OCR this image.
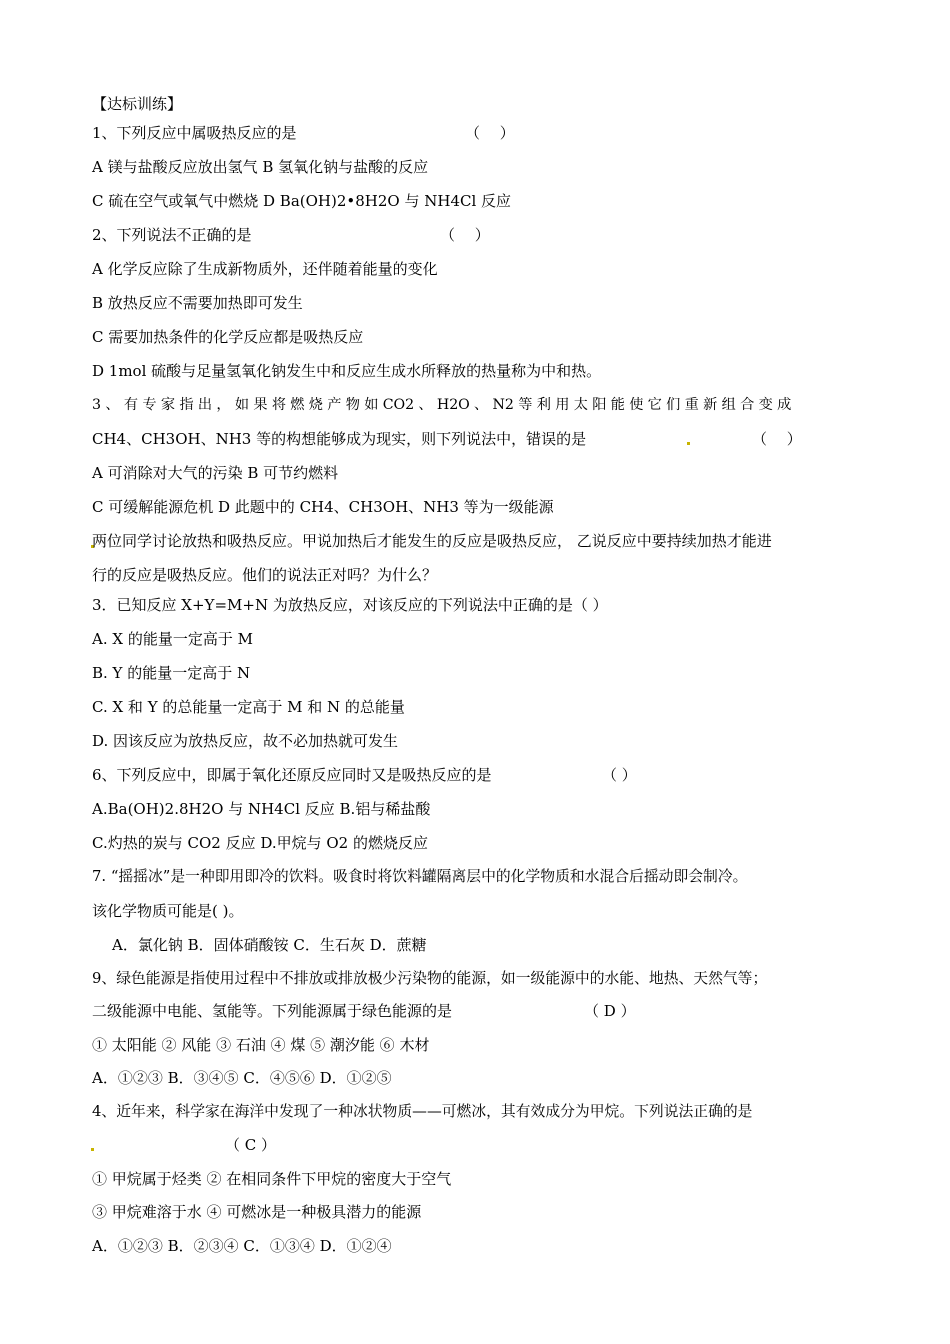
【达标训练】
1、下列反应中属吸热反应的是	（　 ）
A 镁与盐酸反应放出氢气 B 氢氧化钠与盐酸的反应
C 硫在空气或氧气中燃烧 D Ba(OH)2•8H2O 与 NH4Cl 反应
2、下列说法不正确的是	（　 ）
A 化学反应除了生成新物质外，还伴随着能量的变化
B 放热反应不需要加热即可发生
C 需要加热条件的化学反应都是吸热反应
D 1mol 硫酸与足量氢氧化钠发生中和反应生成水所释放的热量称为中和热。
3 、 有 专 家 指 出 ， 如 果 将 燃 烧 产 物 如 CO2 、 H2O 、 N2 等 利 用 太 阳 能 使 它 们 重 新 组 合 变 成
CH4、CH3OH、NH3 等的构想能够成为现实，则下列说法中，错误的是	（　 ）
A 可消除对大气的污染 B 可节约燃料
C 可缓解能源危机 D 此题中的 CH4、CH3OH、NH3 等为一级能源
两位同学讨论放热和吸热反应。甲说加热后才能发生的反应是吸热反应， 乙说反应中要持续加热才能进
行的反应是吸热反应。他们的说法正对吗？为什么？
3．已知反应 X+Y=M+N 为放热反应，对该反应的下列说法中正确的是（ ）
A. X 的能量一定高于 M
B. Y 的能量一定高于 N
C. X 和 Y 的总能量一定高于 M 和 N 的总能量
D. 因该反应为放热反应，故不必加热就可发生
6、下列反应中，即属于氧化还原反应同时又是吸热反应的是	（ ）
A.Ba(OH)2.8H2O 与 NH4Cl 反应 B.铝与稀盐酸
C.灼热的炭与 CO2 反应 D.甲烷与 O2 的燃烧反应
7. “摇摇冰”是一种即用即冷的饮料。吸食时将饮料罐隔离层中的化学物质和水混合后摇动即会制冷。
该化学物质可能是( )。
A．氯化钠 B．固体硝酸铵 C．生石灰 D．蔗糖
9、绿色能源是指使用过程中不排放或排放极少污染物的能源，如一级能源中的水能、地热、天然气等；
二级能源中电能、氢能等。下列能源属于绿色能源的是	（ D ）
① 太阳能 ② 风能 ③ 石油 ④ 煤 ⑤ 潮汐能 ⑥ 木材
A．①②③ B．③④⑤ C．④⑤⑥ D．①②⑤
4、近年来，科学家在海洋中发现了一种冰状物质——可燃冰，其有效成分为甲烷。下列说法正确的是
（ C ）
① 甲烷属于烃类 ② 在相同条件下甲烷的密度大于空气
③ 甲烷难溶于水 ④ 可燃冰是一种极具潜力的能源
A．①②③ B．②③④ C．①③④ D．①②④
